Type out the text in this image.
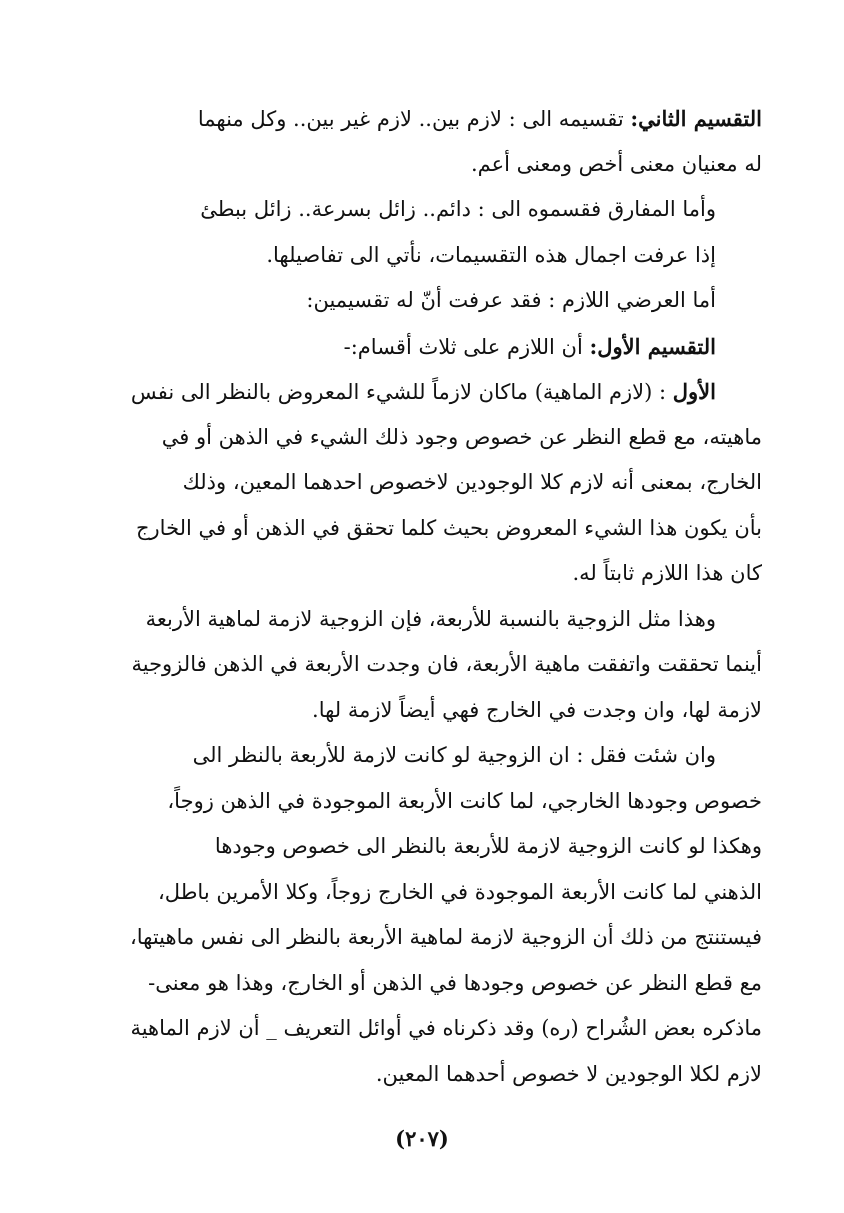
التقسيم الثاني: تقسيمه الى : لازم بين.. لازم غير بين.. وكل منهما
له معنيان معنى أخص ومعنى أعم.
وأما المفارق فقسموه الى : دائم.. زائل بسرعة.. زائل ببطئ
إذا عرفت اجمال هذه التقسيمات، نأتي الى تفاصيلها.
أما العرضي اللازم : فقد عرفت أنّ له تقسيمين:
التقسيم الأول: أن اللازم على ثلاث أقسام:-
الأول : (لازم الماهية) ماكان لازماً للشيء المعروض بالنظر الى نفس
ماهيته، مع قطع النظر عن خصوص وجود ذلك الشيء في الذهن أو في
الخارج، بمعنى أنه لازم كلا الوجودين لاخصوص احدهما المعين، وذلك
بأن يكون هذا الشيء المعروض بحيث كلما تحقق في الذهن أو في الخارج
كان هذا اللازم ثابتاً له.
وهذا مثل الزوجية بالنسبة للأربعة، فإن الزوجية لازمة لماهية الأربعة
أينما تحققت واتفقت ماهية الأربعة، فان وجدت الأربعة في الذهن فالزوجية
لازمة لها، وان وجدت في الخارج فهي أيضاً لازمة لها.
وان شئت فقل : ان الزوجية لو كانت لازمة للأربعة بالنظر الى
خصوص وجودها الخارجي، لما كانت الأربعة الموجودة في الذهن زوجاً،
وهكذا لو كانت الزوجية لازمة للأربعة بالنظر الى خصوص وجودها
الذهني لما كانت الأربعة الموجودة في الخارج زوجاً، وكلا الأمرين باطل،
فيستنتج من ذلك أن الزوجية لازمة لماهية الأربعة بالنظر الى نفس ماهيتها،
مع قطع النظر عن خصوص وجودها في الذهن أو الخارج، وهذا هو معنى-
ماذكره بعض الشُراح (ره) وقد ذكرناه في أوائل التعريف _ أن لازم الماهية
لازم لكلا الوجودين لا خصوص أحدهما المعين.
(٢٠٧)
